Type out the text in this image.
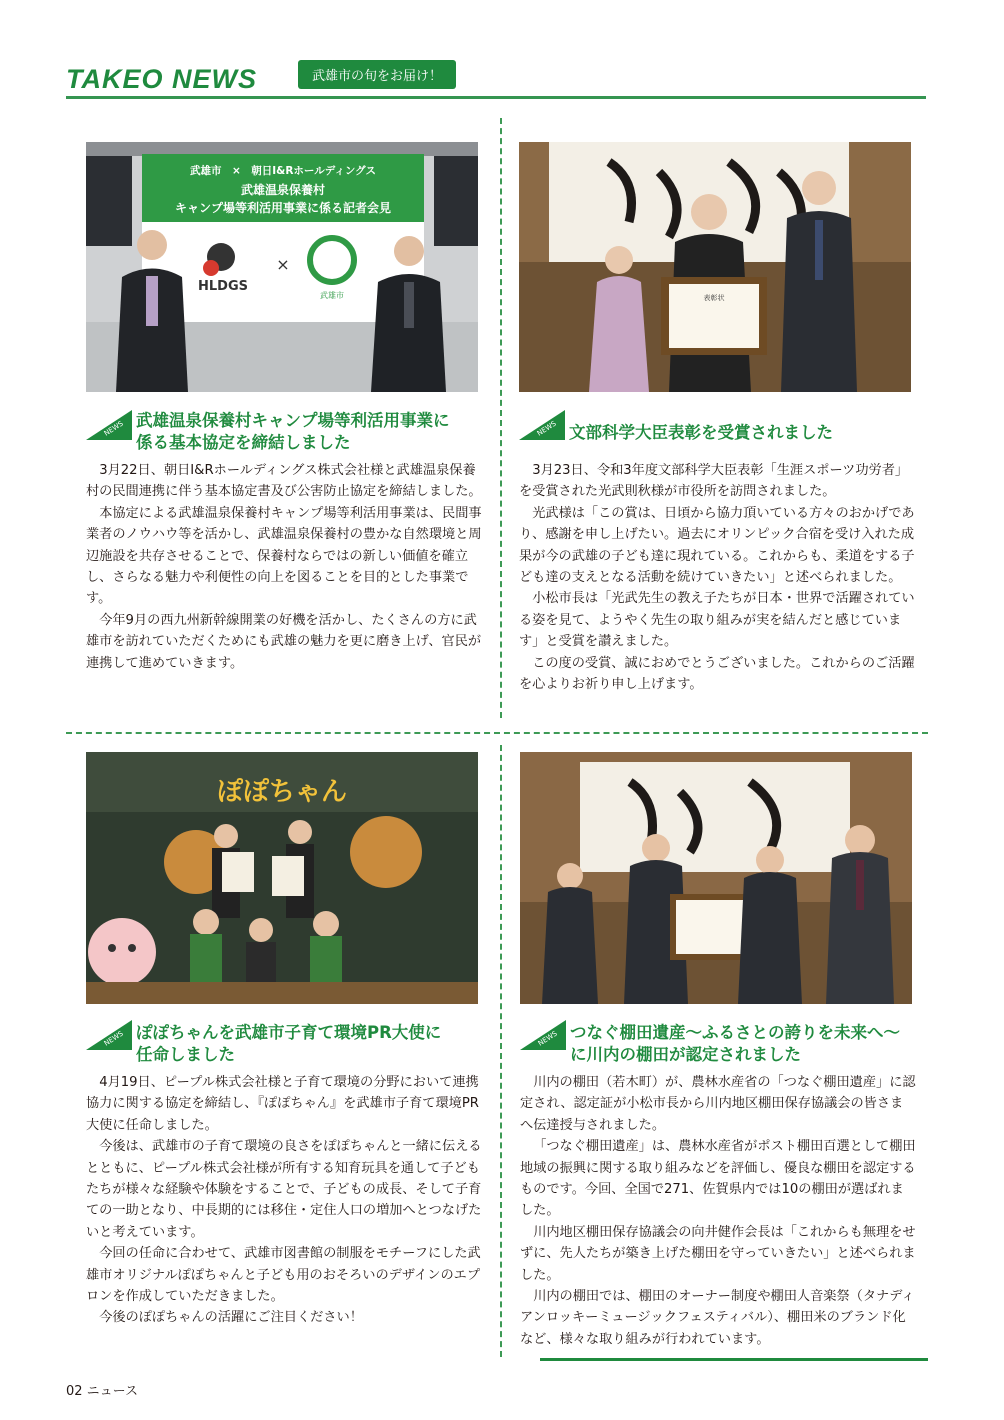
TAKEO NEWS	武雄市の旬をお届け！
武雄市　×　朝日I&Rホールディングス
武雄温泉保養村
キャンプ場等利活用事業に係る記者会見
HLDGS
×
武雄市
NEWS 武雄温泉保養村キャンプ場等利活用事業に
係る基本協定を締結しました

3月22日、朝日I&Rホールディングス株式会社様と武雄温泉保養村の民間連携に伴う基本協定書及び公害防止協定を締結しました。

本協定による武雄温泉保養村キャンプ場等利活用事業は、民間事業者のノウハウ等を活かし、武雄温泉保養村の豊かな自然環境と周辺施設を共存させることで、保養村ならではの新しい価値を確立し、さらなる魅力や利便性の向上を図ることを目的とした事業です。

今年9月の西九州新幹線開業の好機を活かし、たくさんの方に武雄市を訪れていただくためにも武雄の魅力を更に磨き上げ、官民が連携して進めていきます。

表彰状
NEWS 文部科学大臣表彰を受賞されました

3月23日、令和3年度文部科学大臣表彰「生涯スポーツ功労者」を受賞された光武則秋様が市役所を訪問されました。

光武様は「この賞は、日頃から協力頂いている方々のおかげであり、感謝を申し上げたい。過去にオリンピック合宿を受け入れた成果が今の武雄の子ども達に現れている。これからも、柔道をする子ども達の支えとなる活動を続けていきたい」と述べられました。

小松市長は「光武先生の教え子たちが日本・世界で活躍されている姿を見て、ようやく先生の取り組みが実を結んだと感じています」と受賞を讃えました。

この度の受賞、誠におめでとうございました。これからのご活躍を心よりお祈り申し上げます。

ぽぽちゃん
NEWS ぽぽちゃんを武雄市子育て環境PR大使に
任命しました

4月19日、ピープル株式会社様と子育て環境の分野において連携協力に関する協定を締結し、『ぽぽちゃん』を武雄市子育て環境PR大使に任命しました。

今後は、武雄市の子育て環境の良さをぽぽちゃんと一緒に伝えるとともに、ピープル株式会社様が所有する知育玩具を通して子どもたちが様々な経験や体験をすることで、子どもの成長、そして子育ての一助となり、中長期的には移住・定住人口の増加へとつなげたいと考えています。

今回の任命に合わせて、武雄市図書館の制服をモチーフにした武雄市オリジナルぽぽちゃんと子ども用のおそろいのデザインのエプロンを作成していただきました。

今後のぽぽちゃんの活躍にご注目ください！

NEWS つなぐ棚田遺産～ふるさとの誇りを未来へ～
に川内の棚田が認定されました

川内の棚田（若木町）が、農林水産省の「つなぐ棚田遺産」に認定され、認定証が小松市長から川内地区棚田保存協議会の皆さまへ伝達授与されました。

「つなぐ棚田遺産」は、農林水産省がポスト棚田百選として棚田地域の振興に関する取り組みなどを評価し、優良な棚田を認定するものです。今回、全国で271、佐賀県内では10の棚田が選ばれました。

川内地区棚田保存協議会の向井健作会長は「これからも無理をせずに、先人たちが築き上げた棚田を守っていきたい」と述べられました。

川内の棚田では、棚田のオーナー制度や棚田人音楽祭（タナディアンロッキーミュージックフェスティバル）、棚田米のブランド化など、様々な取り組みが行われています。

02 ニュース
